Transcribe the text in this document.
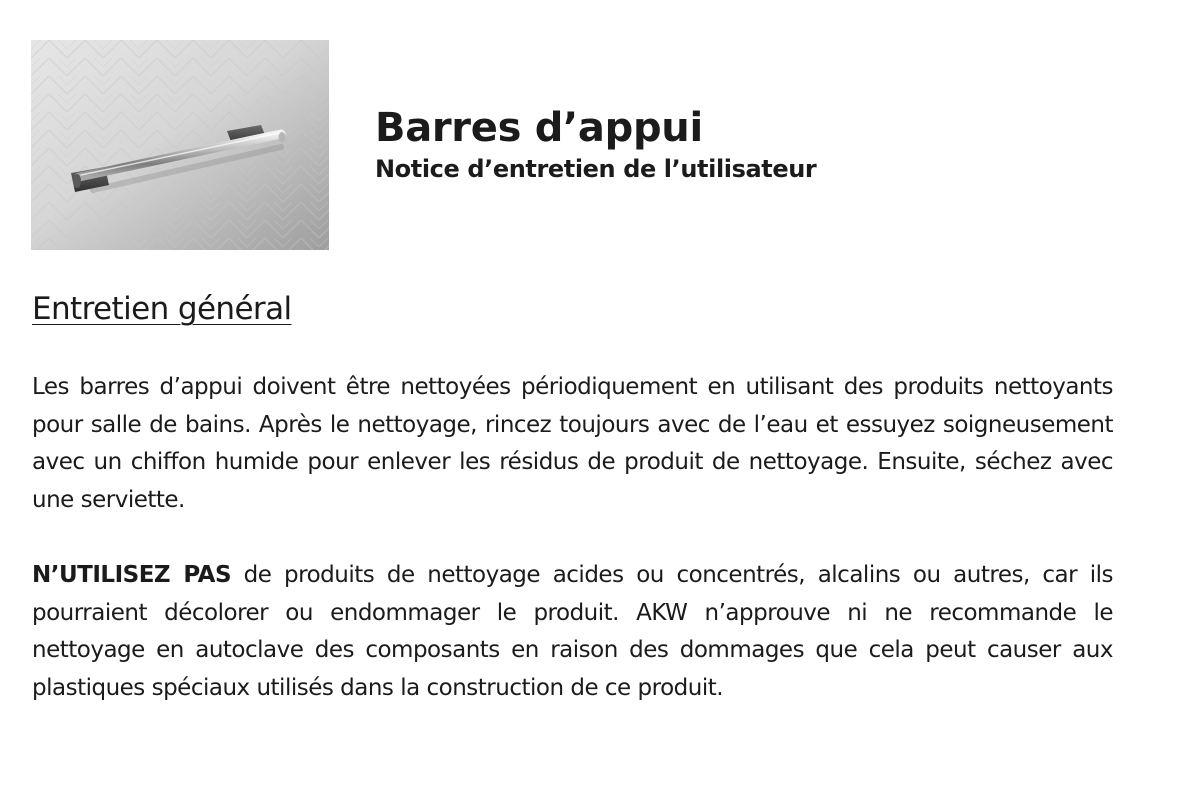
Barres d’appui
Notice d’entretien de l’utilisateur
Entretien général

Les barres d’appui doivent être nettoyées périodiquement en utilisant des produits nettoyants pour salle de bains. Après le nettoyage, rincez toujours avec de l’eau et essuyez soigneusement avec un chiffon humide pour enlever les résidus de produit de nettoyage. Ensuite, séchez avec une serviette.

N’UTILISEZ PAS de produits de nettoyage acides ou concentrés, alcalins ou autres, car ils pourraient décolorer ou endommager le produit. AKW n’approuve ni ne recommande le nettoyage en autoclave des composants en raison des dommages que cela peut causer aux plastiques spéciaux utilisés dans la construction de ce produit.
